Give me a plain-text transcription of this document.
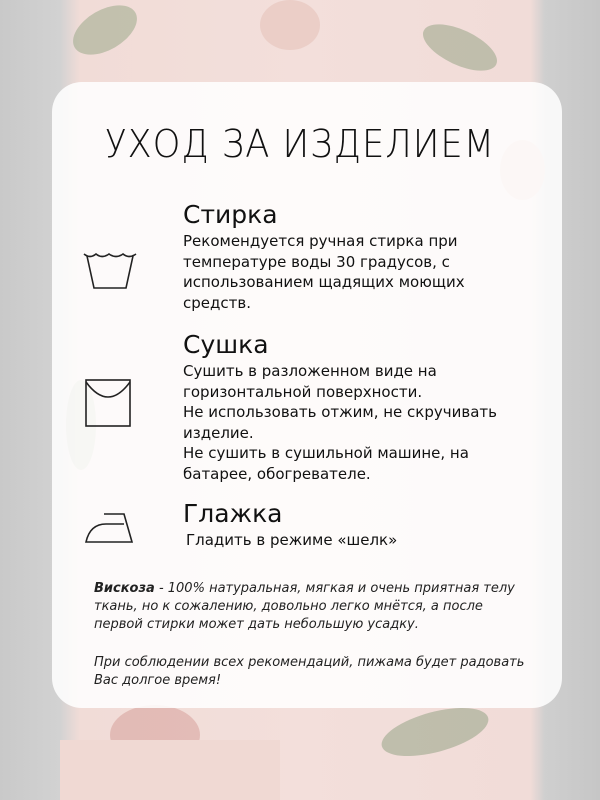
УХОД ЗА ИЗДЕЛИЕМ

Стирка

Рекомендуется ручная стирка при
температуре воды 30 градусов, с
использованием щадящих моющих
средств.

Сушка

Сушить в разложенном виде на
горизонтальной поверхности.
Не использовать отжим, не скручивать
изделие.
Не сушить в сушильной машине, на
батарее, обогревателе.

Глажка

Гладить в режиме «шелк»

Вискоза - 100% натуральная, мягкая и очень приятная телу ткань, но к сожалению, довольно легко мнётся, а после первой стирки может дать небольшую усадку.

При соблюдении всех рекомендаций, пижама будет радовать Вас долгое время!
